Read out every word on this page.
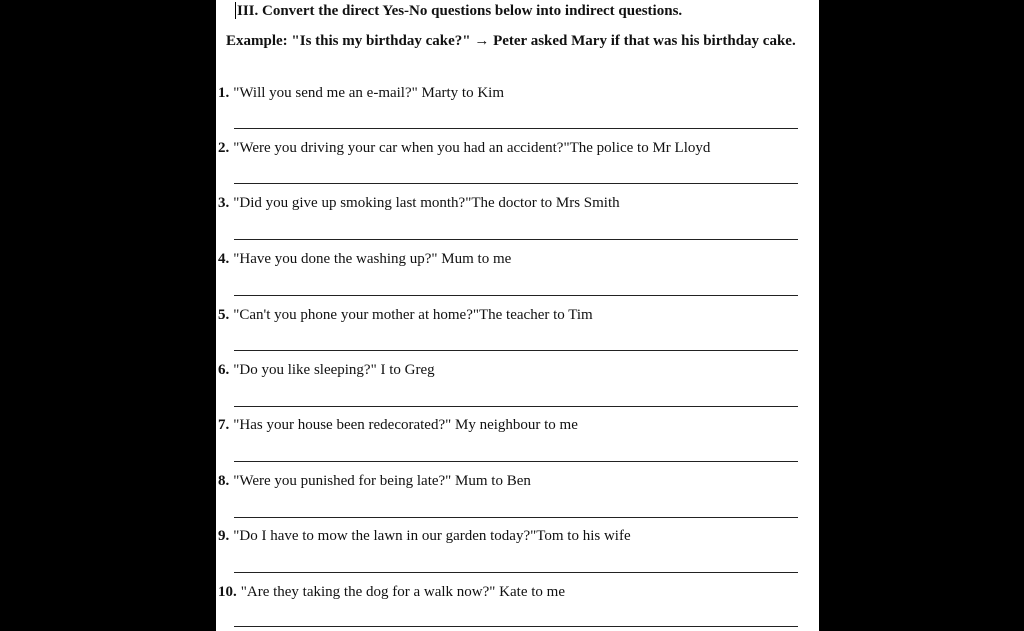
III. Convert the direct Yes-No questions below into indirect questions.
Example: "Is this my birthday cake?" → Peter asked Mary if that was his birthday cake.
1. "Will you send me an e-mail?" Marty to Kim
2. "Were you driving your car when you had an accident?"The police to Mr Lloyd
3. "Did you give up smoking last month?"The doctor to Mrs Smith
4. "Have you done the washing up?" Mum to me
5. "Can't you phone your mother at home?"The teacher to Tim
6. "Do you like sleeping?" I to Greg
7. "Has your house been redecorated?" My neighbour to me
8. "Were you punished for being late?" Mum to Ben
9. "Do I have to mow the lawn in our garden today?"Tom to his wife
10. "Are they taking the dog for a walk now?" Kate to me
